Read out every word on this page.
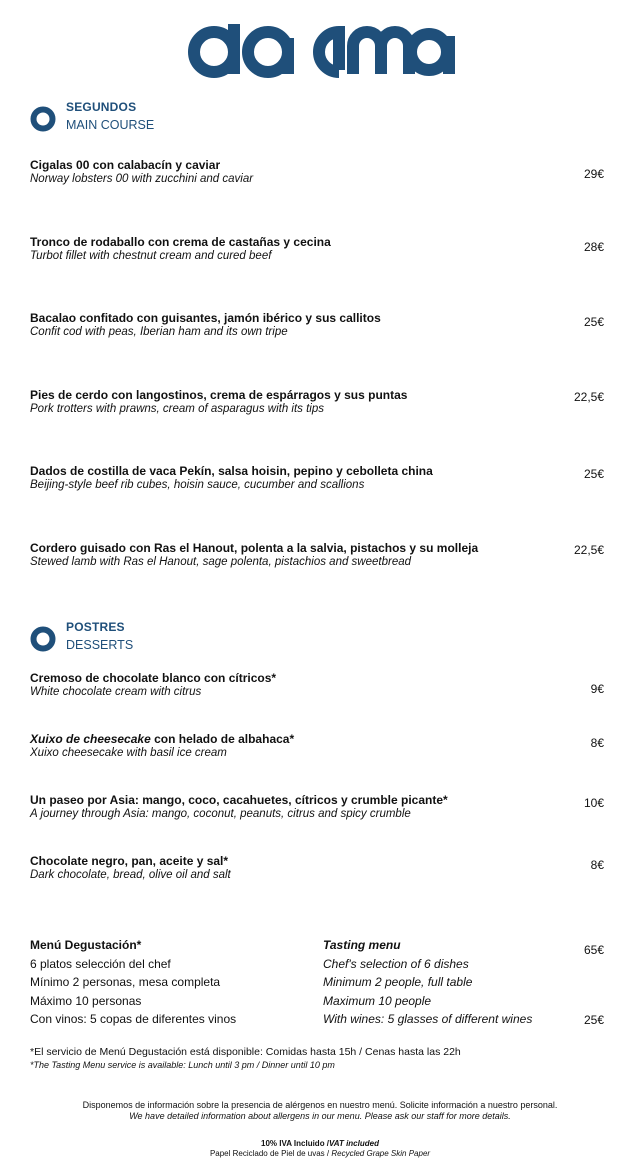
SEGUNDOS
MAIN COURSE
Cigalas 00 con calabacín y caviar
Norway lobsters 00 with zucchini and caviar	29€
Tronco de rodaballo con crema de castañas y cecina
Turbot fillet with chestnut cream and cured beef
28€
Bacalao confitado con guisantes, jamón ibérico y sus callitos
Confit cod with peas, Iberian ham and its own tripe
25€
Pies de cerdo con langostinos, crema de espárragos y sus puntas
Pork trotters with prawns, cream of asparagus with its tips
22,5€
Dados de costilla de vaca Pekín, salsa hoisin, pepino y cebolleta china
Beijing-style beef rib cubes, hoisin sauce, cucumber and scallions
25€
Cordero guisado con Ras el Hanout, polenta a la salvia, pistachos y su molleja
Stewed lamb with Ras el Hanout, sage polenta, pistachios and sweetbread
22,5€
POSTRES
DESSERTS
Cremoso de chocolate blanco con cítricos*
White chocolate cream with citrus	9€
Xuixo de cheesecake con helado de albahaca*
Xuixo cheesecake with basil ice cream
8€
Un paseo por Asia: mango, coco, cacahuetes, cítricos y crumble picante*
A journey through Asia: mango, coconut, peanuts, citrus and spicy crumble
10€
Chocolate negro, pan, aceite y sal*
Dark chocolate, bread, olive oil and salt
8€
Menú Degustación*
6 platos selección del chef
Mínimo 2 personas, mesa completa
Máximo 10 personas
Con vinos: 5 copas de diferentes vinos
Tasting menu
Chef's selection of 6 dishes
Minimum 2 people, full table
Maximum 10 people
With wines: 5 glasses of different wines
65€
25€
*El servicio de Menú Degustación está disponible: Comidas hasta 15h / Cenas hasta las 22h
*The Tasting Menu service is available: Lunch until 3 pm / Dinner until 10 pm
Disponemos de información sobre la presencia de alérgenos en nuestro menú. Solicite información a nuestro personal.
We have detailed information about allergens in our menu. Please ask our staff for more details.
10% IVA Incluido /VAT included
Papel Reciclado de Piel de uvas / Recycled Grape Skin Paper
